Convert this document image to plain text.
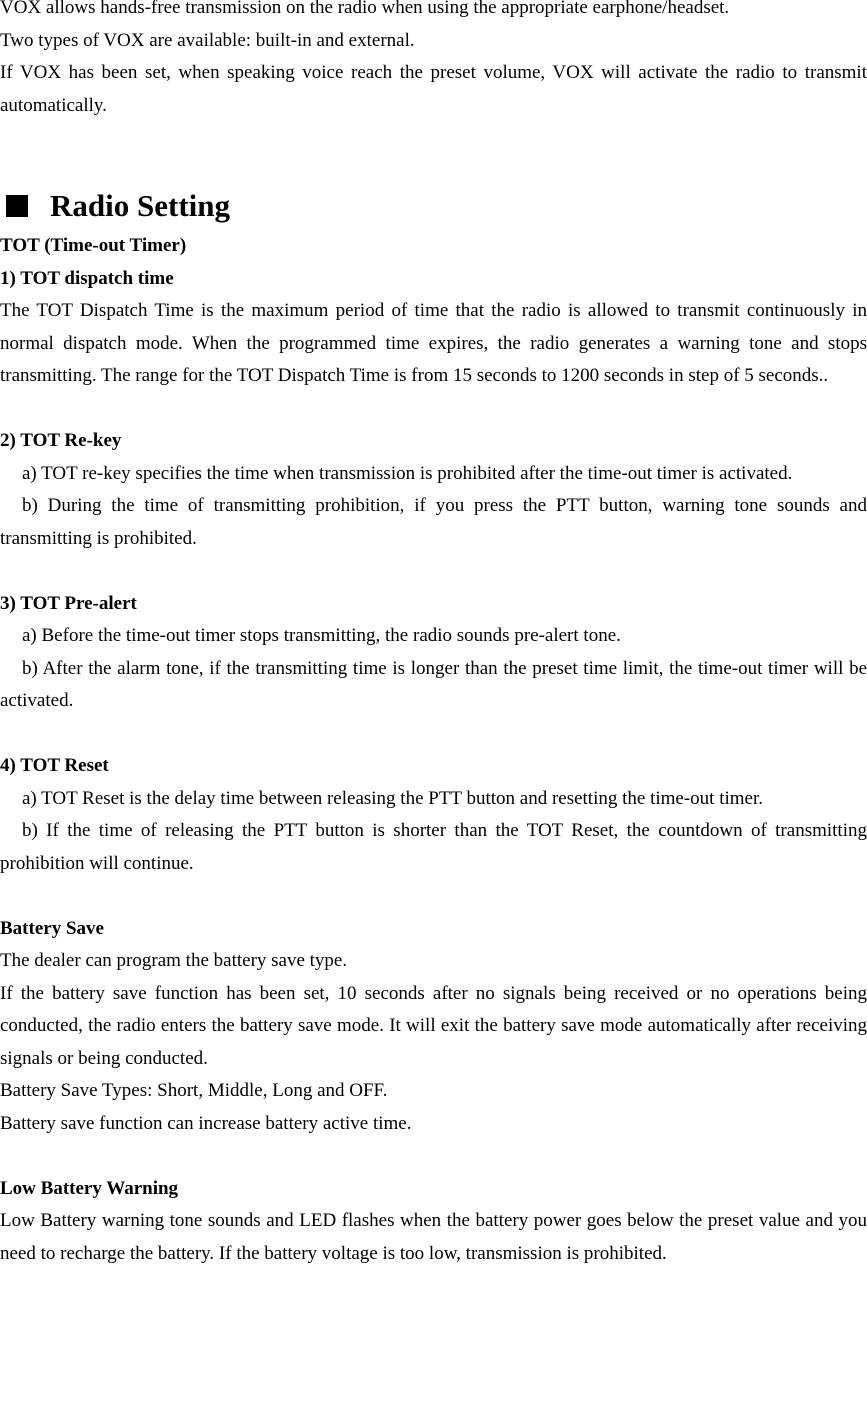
VOX allows hands-free transmission on the radio when using the appropriate earphone/headset.

Two types of VOX are available: built-in and external.

If VOX has been set, when speaking voice reach the preset volume, VOX will activate the radio to transmit automatically.

Radio Setting

TOT (Time-out Timer)

1) TOT dispatch time

The TOT Dispatch Time is the maximum period of time that the radio is allowed to transmit continuously in normal dispatch mode. When the programmed time expires, the radio generates a warning tone and stops transmitting. The range for the TOT Dispatch Time is from 15 seconds to 1200 seconds in step of 5 seconds..

2) TOT Re-key

a) TOT re-key specifies the time when transmission is prohibited after the time-out timer is activated.

b) During the time of transmitting prohibition, if you press the PTT button, warning tone sounds and transmitting is prohibited.

3) TOT Pre-alert

a) Before the time-out timer stops transmitting, the radio sounds pre-alert tone.

b) After the alarm tone, if the transmitting time is longer than the preset time limit, the time-out timer will be activated.

4) TOT Reset

a) TOT Reset is the delay time between releasing the PTT button and resetting the time-out timer.

b) If the time of releasing the PTT button is shorter than the TOT Reset, the countdown of transmitting prohibition will continue.

Battery Save

The dealer can program the battery save type.

If the battery save function has been set, 10 seconds after no signals being received or no operations being conducted, the radio enters the battery save mode. It will exit the battery save mode automatically after receiving signals or being conducted.

Battery Save Types: Short, Middle, Long and OFF.

Battery save function can increase battery active time.

Low Battery Warning

Low Battery warning tone sounds and LED flashes when the battery power goes below the preset value and you need to recharge the battery. If the battery voltage is too low, transmission is prohibited.
